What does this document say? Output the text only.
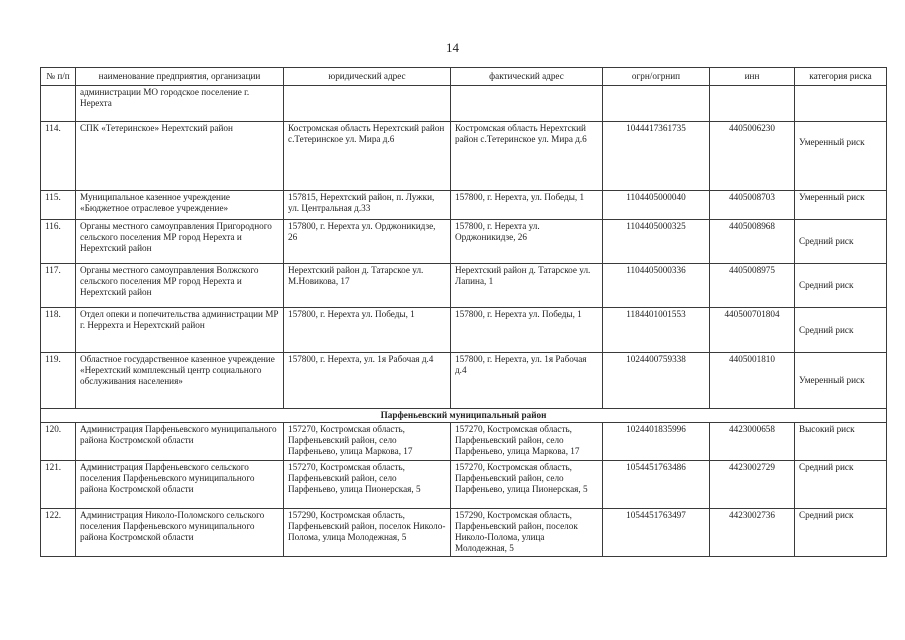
14
№ п/п	наименование предприятия, организации	юридический адрес	фактический адрес	огрн/огрнип	инн	категория риска
	администрации МО городское поселение г. Нерехта					
114.	СПК «Тетеринское» Нерехтский район	Костромская область Нерехтский район с.Тетеринское ул. Мира д.6	Костромская область Нерехтский район с.Тетеринское ул. Мира д.6	1044417361735	4405006230	Умеренный риск
115.	Муниципальное казенное учреждение «Бюджетное отраслевое учреждение»	157815, Нерехтский район, п. Лужки, ул. Центральная д.33	157800, г. Нерехта, ул. Победы, 1	1104405000040	4405008703	Умеренный риск
116.	Органы местного самоуправления Пригородного сельского поселения МР город Нерехта и Нерехтский район	157800, г. Нерехта ул. Орджоникидзе, 26	157800, г. Нерехта ул. Орджоникидзе, 26	1104405000325	4405008968	Средний риск
117.	Органы местного самоуправления Волжского сельского поселения МР город Нерехта и Нерехтский район	Нерехтский район д. Татарское ул. М.Новикова, 17	Нерехтский район д. Татарское ул. Лапина, 1	1104405000336	4405008975	Средний риск
118.	Отдел опеки и попечительства администрации МР г. Неррехта и Нерехтский район	157800, г. Нерехта ул. Победы, 1	157800, г. Нерехта ул. Победы, 1	1184401001553	440500701804	Средний риск
119.	Областное государственное казенное учреждение «Нерехтский комплексный центр социального обслуживания населения»	157800, г. Нерехта, ул. 1я Рабочая д.4	157800, г. Нерехта, ул. 1я Рабочая д.4	1024400759338	4405001810	Умеренный риск
Парфеньевский муниципальный район						
120.	Администрация Парфеньевского муниципального района Костромской области	157270, Костромская область, Парфеньевский район, село Парфеньево, улица Маркова, 17	157270, Костромская область, Парфеньевский район, село Парфеньево, улица Маркова, 17	1024401835996	4423000658	Высокий риск
121.	Администрация Парфеньевского сельского поселения Парфеньевского муниципального района Костромской области	157270, Костромская область, Парфеньевский район, село Парфеньево, улица Пионерская, 5	157270, Костромская область, Парфеньевский район, село Парфеньево, улица Пионерская, 5	1054451763486	4423002729	Средний риск
122.	Администрация Николо-Поломского сельского поселения Парфеньевского муниципального района Костромской области	157290, Костромская область, Парфеньевский район, поселок Николо-Полома, улица Молодежная, 5	157290, Костромская область, Парфеньевский район, поселок Николо-Полома, улица Молодежная, 5	1054451763497	4423002736	Средний риск
